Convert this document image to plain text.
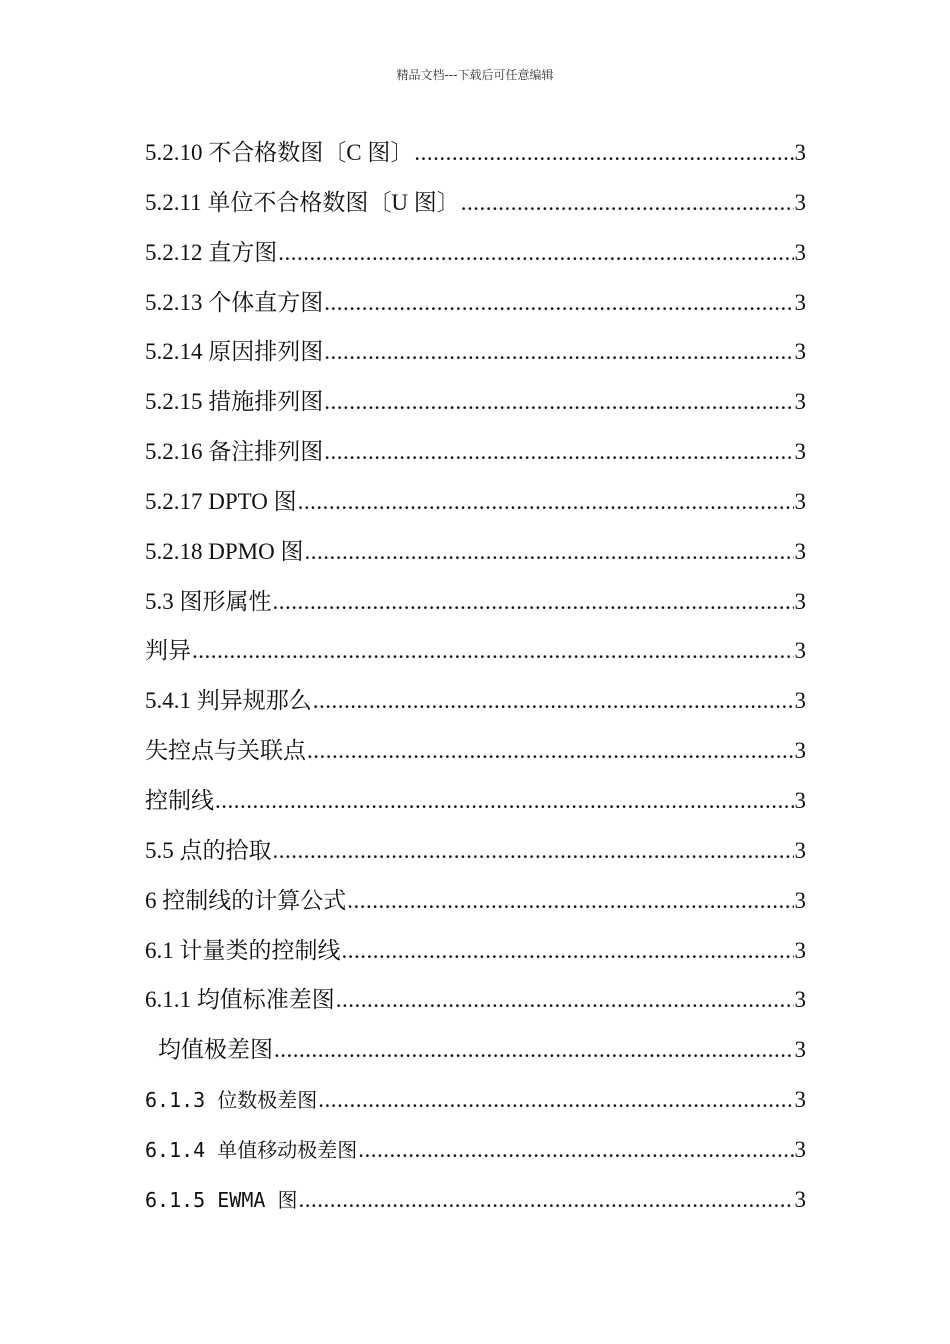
精品文档---下载后可任意编辑
5.2.10 不合格数图〔C 图〕 .....	3
5.2.11 单位不合格数图〔U 图〕 .....	3
5.2.12 直方图 .....	3
5.2.13 个体直方图 .....	3
5.2.14 原因排列图 .....	3
5.2.15 措施排列图 .....	3
5.2.16 备注排列图 .....	3
5.2.17 DPTO 图 .....	3
5.2.18 DPMO 图 .....	3
5.3 图形属性 .....	3
判异 .....	3
5.4.1 判异规那么 .....	3
失控点与关联点 .....	3
控制线 .....	3
5.5 点的拾取 .....	3
6 控制线的计算公式 .....	3
6.1 计量类的控制线 .....	3
6.1.1 均值标准差图 .....	3
均值极差图 .....	3
6.1.3 位数极差图 .....	3
6.1.4 单值移动极差图 .....	3
6.1.5 EWMA 图 .....	3
